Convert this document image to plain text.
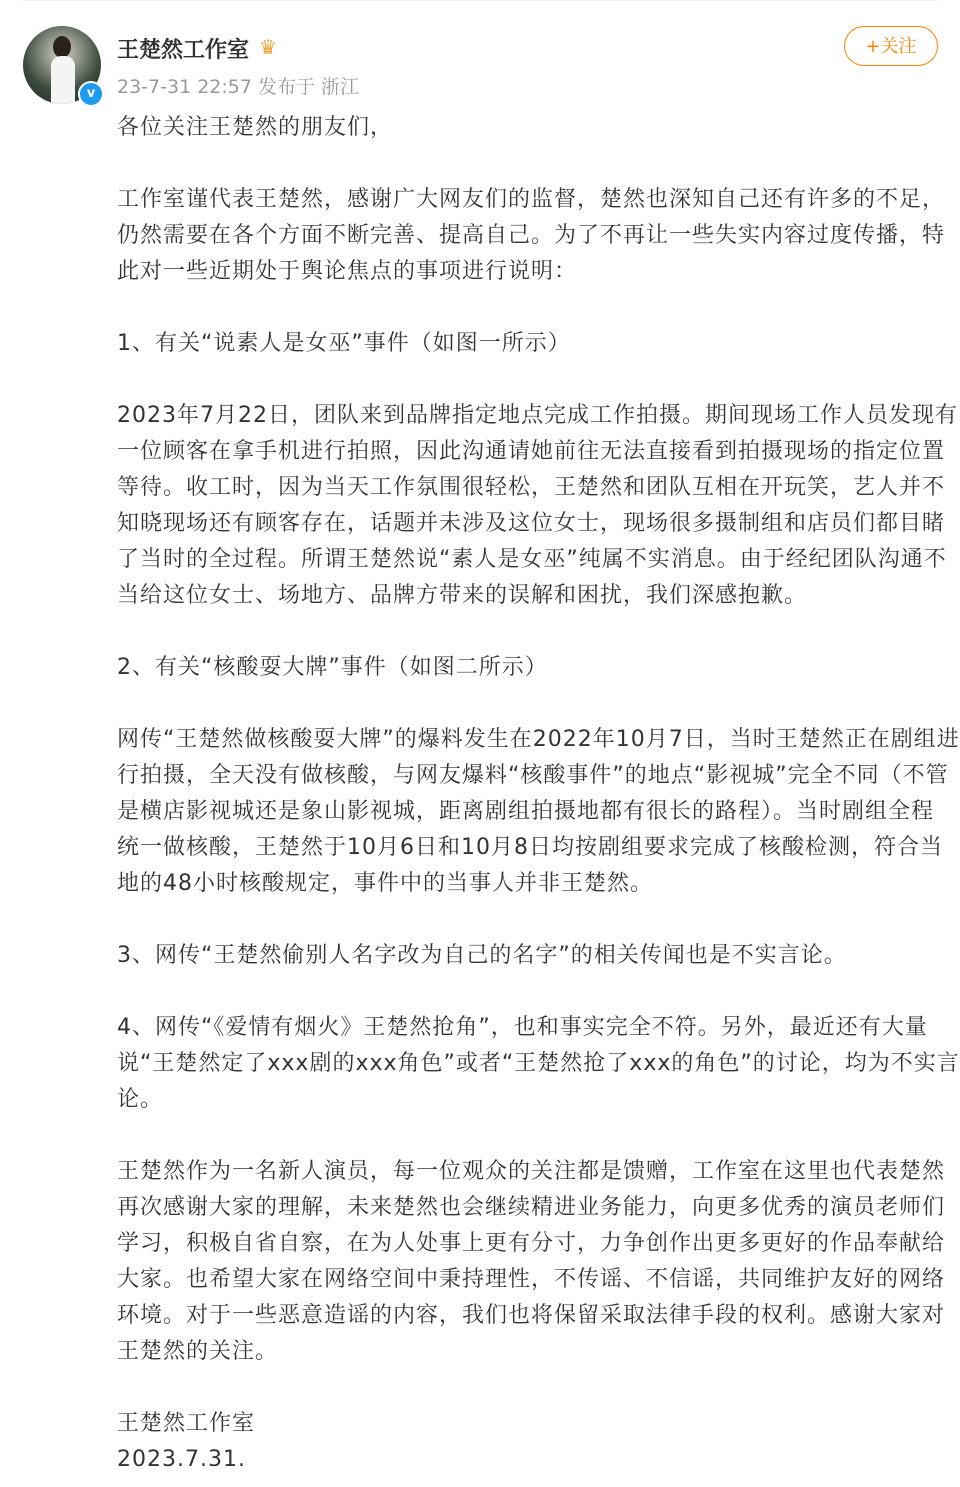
v
王楚然工作室 ♛
23-7-31 22:57 发布于 浙江
+关注
各位关注王楚然的朋友们，
工作室谨代表王楚然，感谢广大网友们的监督，楚然也深知自己还有许多的不足，
仍然需要在各个方面不断完善、提高自己。为了不再让一些失实内容过度传播，特
此对一些近期处于舆论焦点的事项进行说明：
1、有关“说素人是女巫”事件（如图一所示）
2023年7月22日，团队来到品牌指定地点完成工作拍摄。期间现场工作人员发现有
一位顾客在拿手机进行拍照，因此沟通请她前往无法直接看到拍摄现场的指定位置
等待。收工时，因为当天工作氛围很轻松，王楚然和团队互相在开玩笑，艺人并不
知晓现场还有顾客存在，话题并未涉及这位女士，现场很多摄制组和店员们都目睹
了当时的全过程。所谓王楚然说“素人是女巫”纯属不实消息。由于经纪团队沟通不
当给这位女士、场地方、品牌方带来的误解和困扰，我们深感抱歉。
2、有关“核酸耍大牌”事件（如图二所示）
网传“王楚然做核酸耍大牌”的爆料发生在2022年10月7日，当时王楚然正在剧组进
行拍摄，全天没有做核酸，与网友爆料“核酸事件”的地点“影视城”完全不同（不管
是横店影视城还是象山影视城，距离剧组拍摄地都有很长的路程）。当时剧组全程
统一做核酸，王楚然于10月6日和10月8日均按剧组要求完成了核酸检测，符合当
地的48小时核酸规定，事件中的当事人并非王楚然。
3、网传“王楚然偷别人名字改为自己的名字”的相关传闻也是不实言论。
4、网传“《爱情有烟火》王楚然抢角”，也和事实完全不符。另外，最近还有大量
说“王楚然定了xxx剧的xxx角色”或者“王楚然抢了xxx的角色”的讨论，均为不实言
论。
王楚然作为一名新人演员，每一位观众的关注都是馈赠，工作室在这里也代表楚然
再次感谢大家的理解，未来楚然也会继续精进业务能力，向更多优秀的演员老师们
学习，积极自省自察，在为人处事上更有分寸，力争创作出更多更好的作品奉献给
大家。也希望大家在网络空间中秉持理性，不传谣、不信谣，共同维护友好的网络
环境。对于一些恶意造谣的内容，我们也将保留采取法律手段的权利。感谢大家对
王楚然的关注。
王楚然工作室
2023.7.31.
